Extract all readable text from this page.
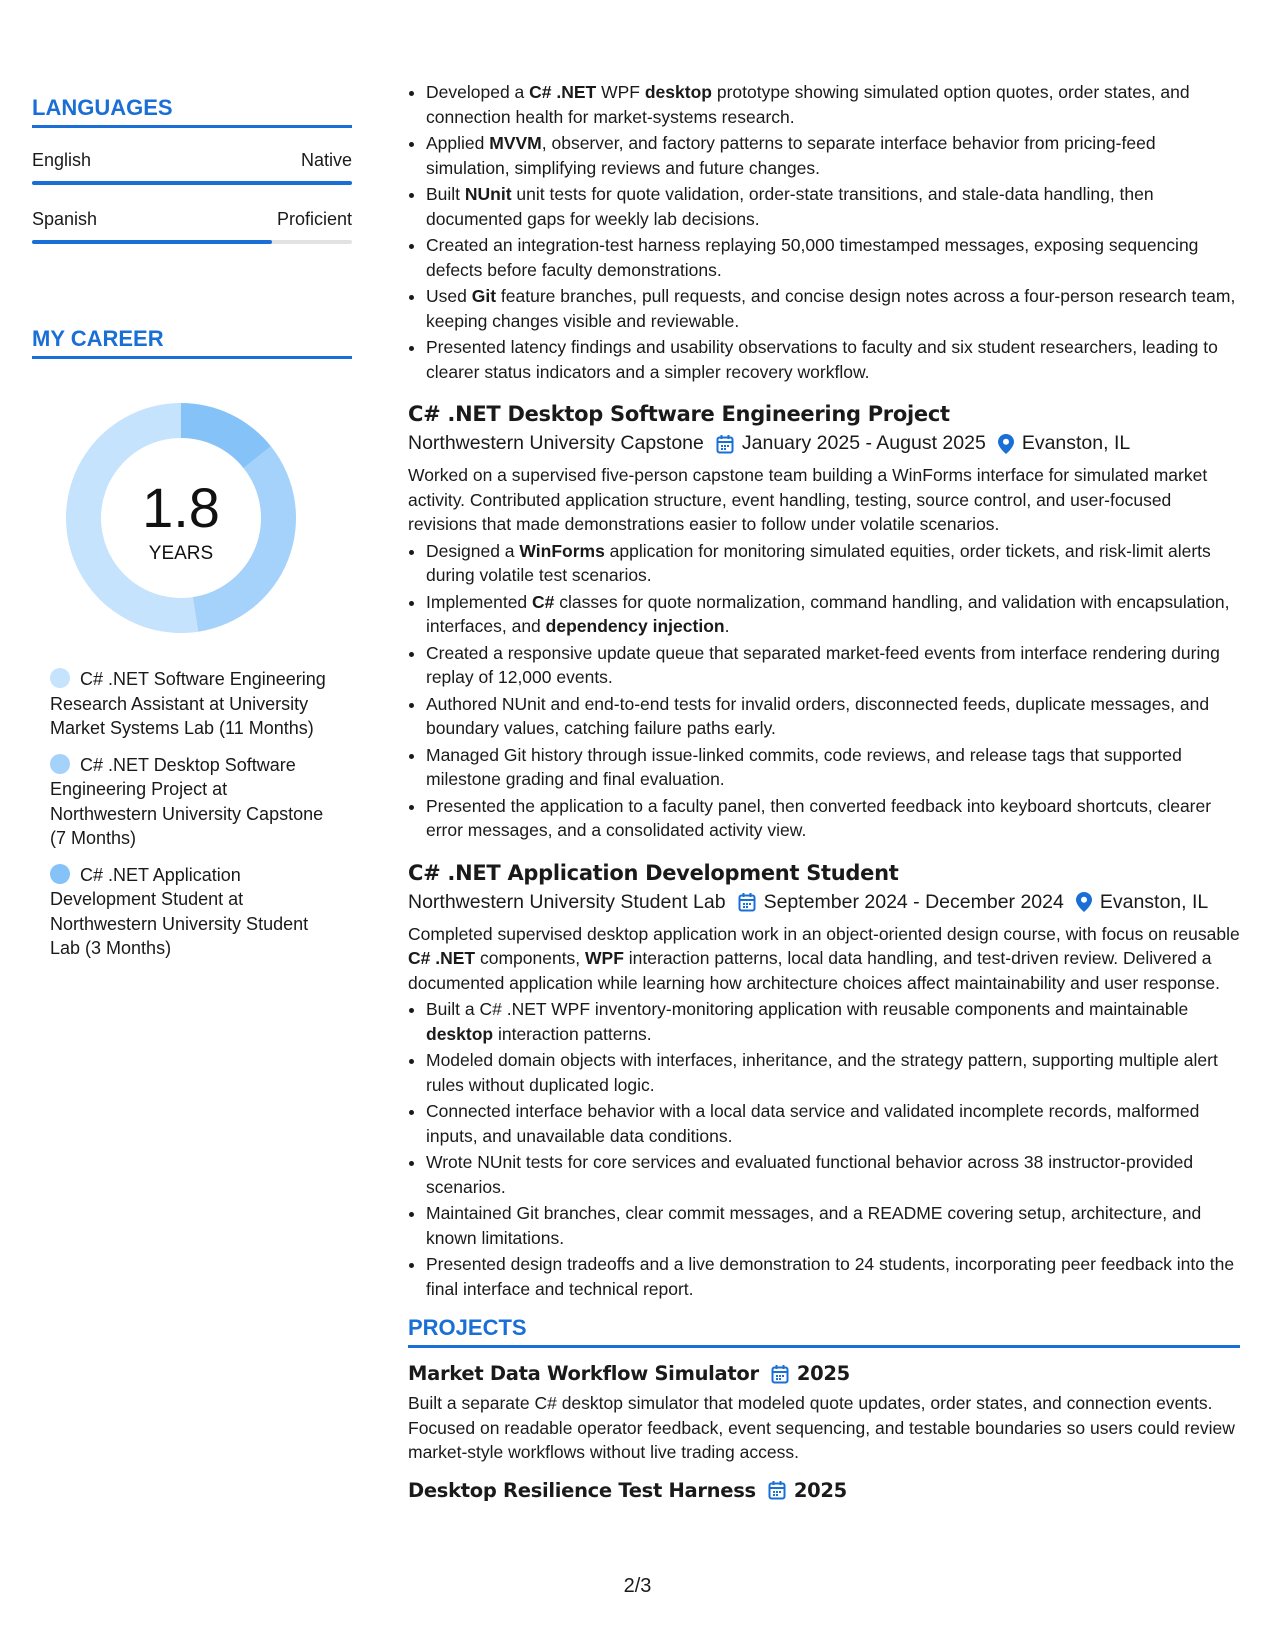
LANGUAGES
English	Native
Spanish	Proficient
MY CAREER
1.8
YEARS
C# .NET Software Engineering Research Assistant at University Market Systems Lab (11 Months)
C# .NET Desktop Software Engineering Project at Northwestern University Capstone (7 Months)
C# .NET Application Development Student at Northwestern University Student Lab (3 Months)
• Developed a C# .NET WPF desktop prototype showing simulated option quotes, order states, and connection health for market-systems research.
• Applied MVVM, observer, and factory patterns to separate interface behavior from pricing-feed simulation, simplifying reviews and future changes.
• Built NUnit unit tests for quote validation, order-state transitions, and stale-data handling, then documented gaps for weekly lab decisions.
• Created an integration-test harness replaying 50,000 timestamped messages, exposing sequencing defects before faculty demonstrations.
• Used Git feature branches, pull requests, and concise design notes across a four-person research team, keeping changes visible and reviewable.
• Presented latency findings and usability observations to faculty and six student researchers, leading to clearer status indicators and a simpler recovery workflow.
C# .NET Desktop Software Engineering Project
Northwestern University Capstone January 2025 - August 2025 Evanston, IL

Worked on a supervised five-person capstone team building a WinForms interface for simulated market activity. Contributed application structure, event handling, testing, source control, and user-focused revisions that made demonstrations easier to follow under volatile scenarios.

• Designed a WinForms application for monitoring simulated equities, order tickets, and risk-limit alerts during volatile test scenarios.
• Implemented C# classes for quote normalization, command handling, and validation with encapsulation, interfaces, and dependency injection.
• Created a responsive update queue that separated market-feed events from interface rendering during replay of 12,000 events.
• Authored NUnit and end-to-end tests for invalid orders, disconnected feeds, duplicate messages, and boundary values, catching failure paths early.
• Managed Git history through issue-linked commits, code reviews, and release tags that supported milestone grading and final evaluation.
• Presented the application to a faculty panel, then converted feedback into keyboard shortcuts, clearer error messages, and a consolidated activity view.
C# .NET Application Development Student
Northwestern University Student Lab September 2024 - December 2024 Evanston, IL

Completed supervised desktop application work in an object-oriented design course, with focus on reusable C# .NET components, WPF interaction patterns, local data handling, and test-driven review. Delivered a documented application while learning how architecture choices affect maintainability and user response.

• Built a C# .NET WPF inventory-monitoring application with reusable components and maintainable desktop interaction patterns.
• Modeled domain objects with interfaces, inheritance, and the strategy pattern, supporting multiple alert rules without duplicated logic.
• Connected interface behavior with a local data service and validated incomplete records, malformed inputs, and unavailable data conditions.
• Wrote NUnit tests for core services and evaluated functional behavior across 38 instructor-provided scenarios.
• Maintained Git branches, clear commit messages, and a README covering setup, architecture, and known limitations.
• Presented design tradeoffs and a live demonstration to 24 students, incorporating peer feedback into the final interface and technical report.
PROJECTS
Market Data Workflow Simulator 2025

Built a separate C# desktop simulator that modeled quote updates, order states, and connection events. Focused on readable operator feedback, event sequencing, and testable boundaries so users could review market-style workflows without live trading access.

Desktop Resilience Test Harness 2025
2/3
